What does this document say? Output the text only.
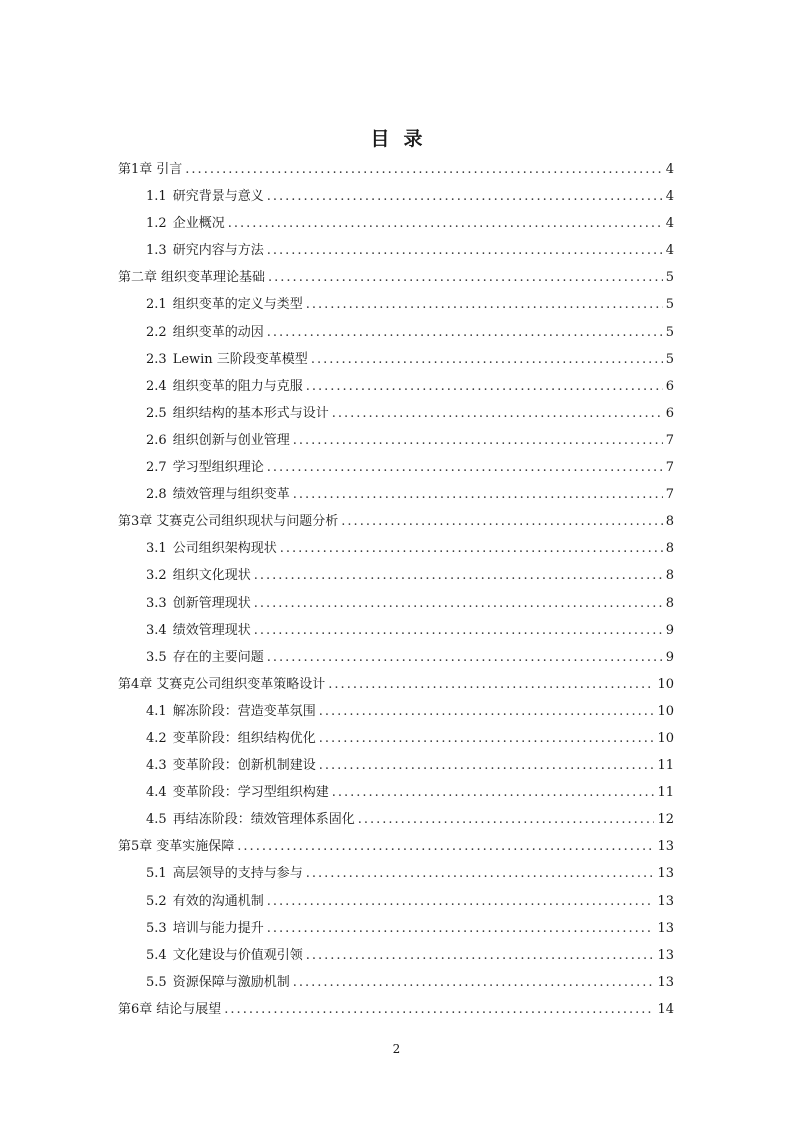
目录
第1章 引言 .....	4
1.1 研究背景与意义 .....	4
1.2 企业概况 .....	4
1.3 研究内容与方法 .....	4
第二章 组织变革理论基础 .....	5
2.1 组织变革的定义与类型 .....	5
2.2 组织变革的动因 .....	5
2.3 Lewin 三阶段变革模型 .....	5
2.4 组织变革的阻力与克服 .....	6
2.5 组织结构的基本形式与设计 .....	6
2.6 组织创新与创业管理 .....	7
2.7 学习型组织理论 .....	7
2.8 绩效管理与组织变革 .....	7
第3章 艾赛克公司组织现状与问题分析 .....	8
3.1 公司组织架构现状 .....	8
3.2 组织文化现状 .....	8
3.3 创新管理现状 .....	8
3.4 绩效管理现状 .....	9
3.5 存在的主要问题 .....	9
第4章 艾赛克公司组织变革策略设计 .....	10
4.1 解冻阶段：营造变革氛围 .....	10
4.2 变革阶段：组织结构优化 .....	10
4.3 变革阶段：创新机制建设 .....	11
4.4 变革阶段：学习型组织构建 .....	11
4.5 再结冻阶段：绩效管理体系固化 .....	12
第5章 变革实施保障 .....	13
5.1 高层领导的支持与参与 .....	13
5.2 有效的沟通机制 .....	13
5.3 培训与能力提升 .....	13
5.4 文化建设与价值观引领 .....	13
5.5 资源保障与激励机制 .....	13
第6章 结论与展望 .....	14
2
